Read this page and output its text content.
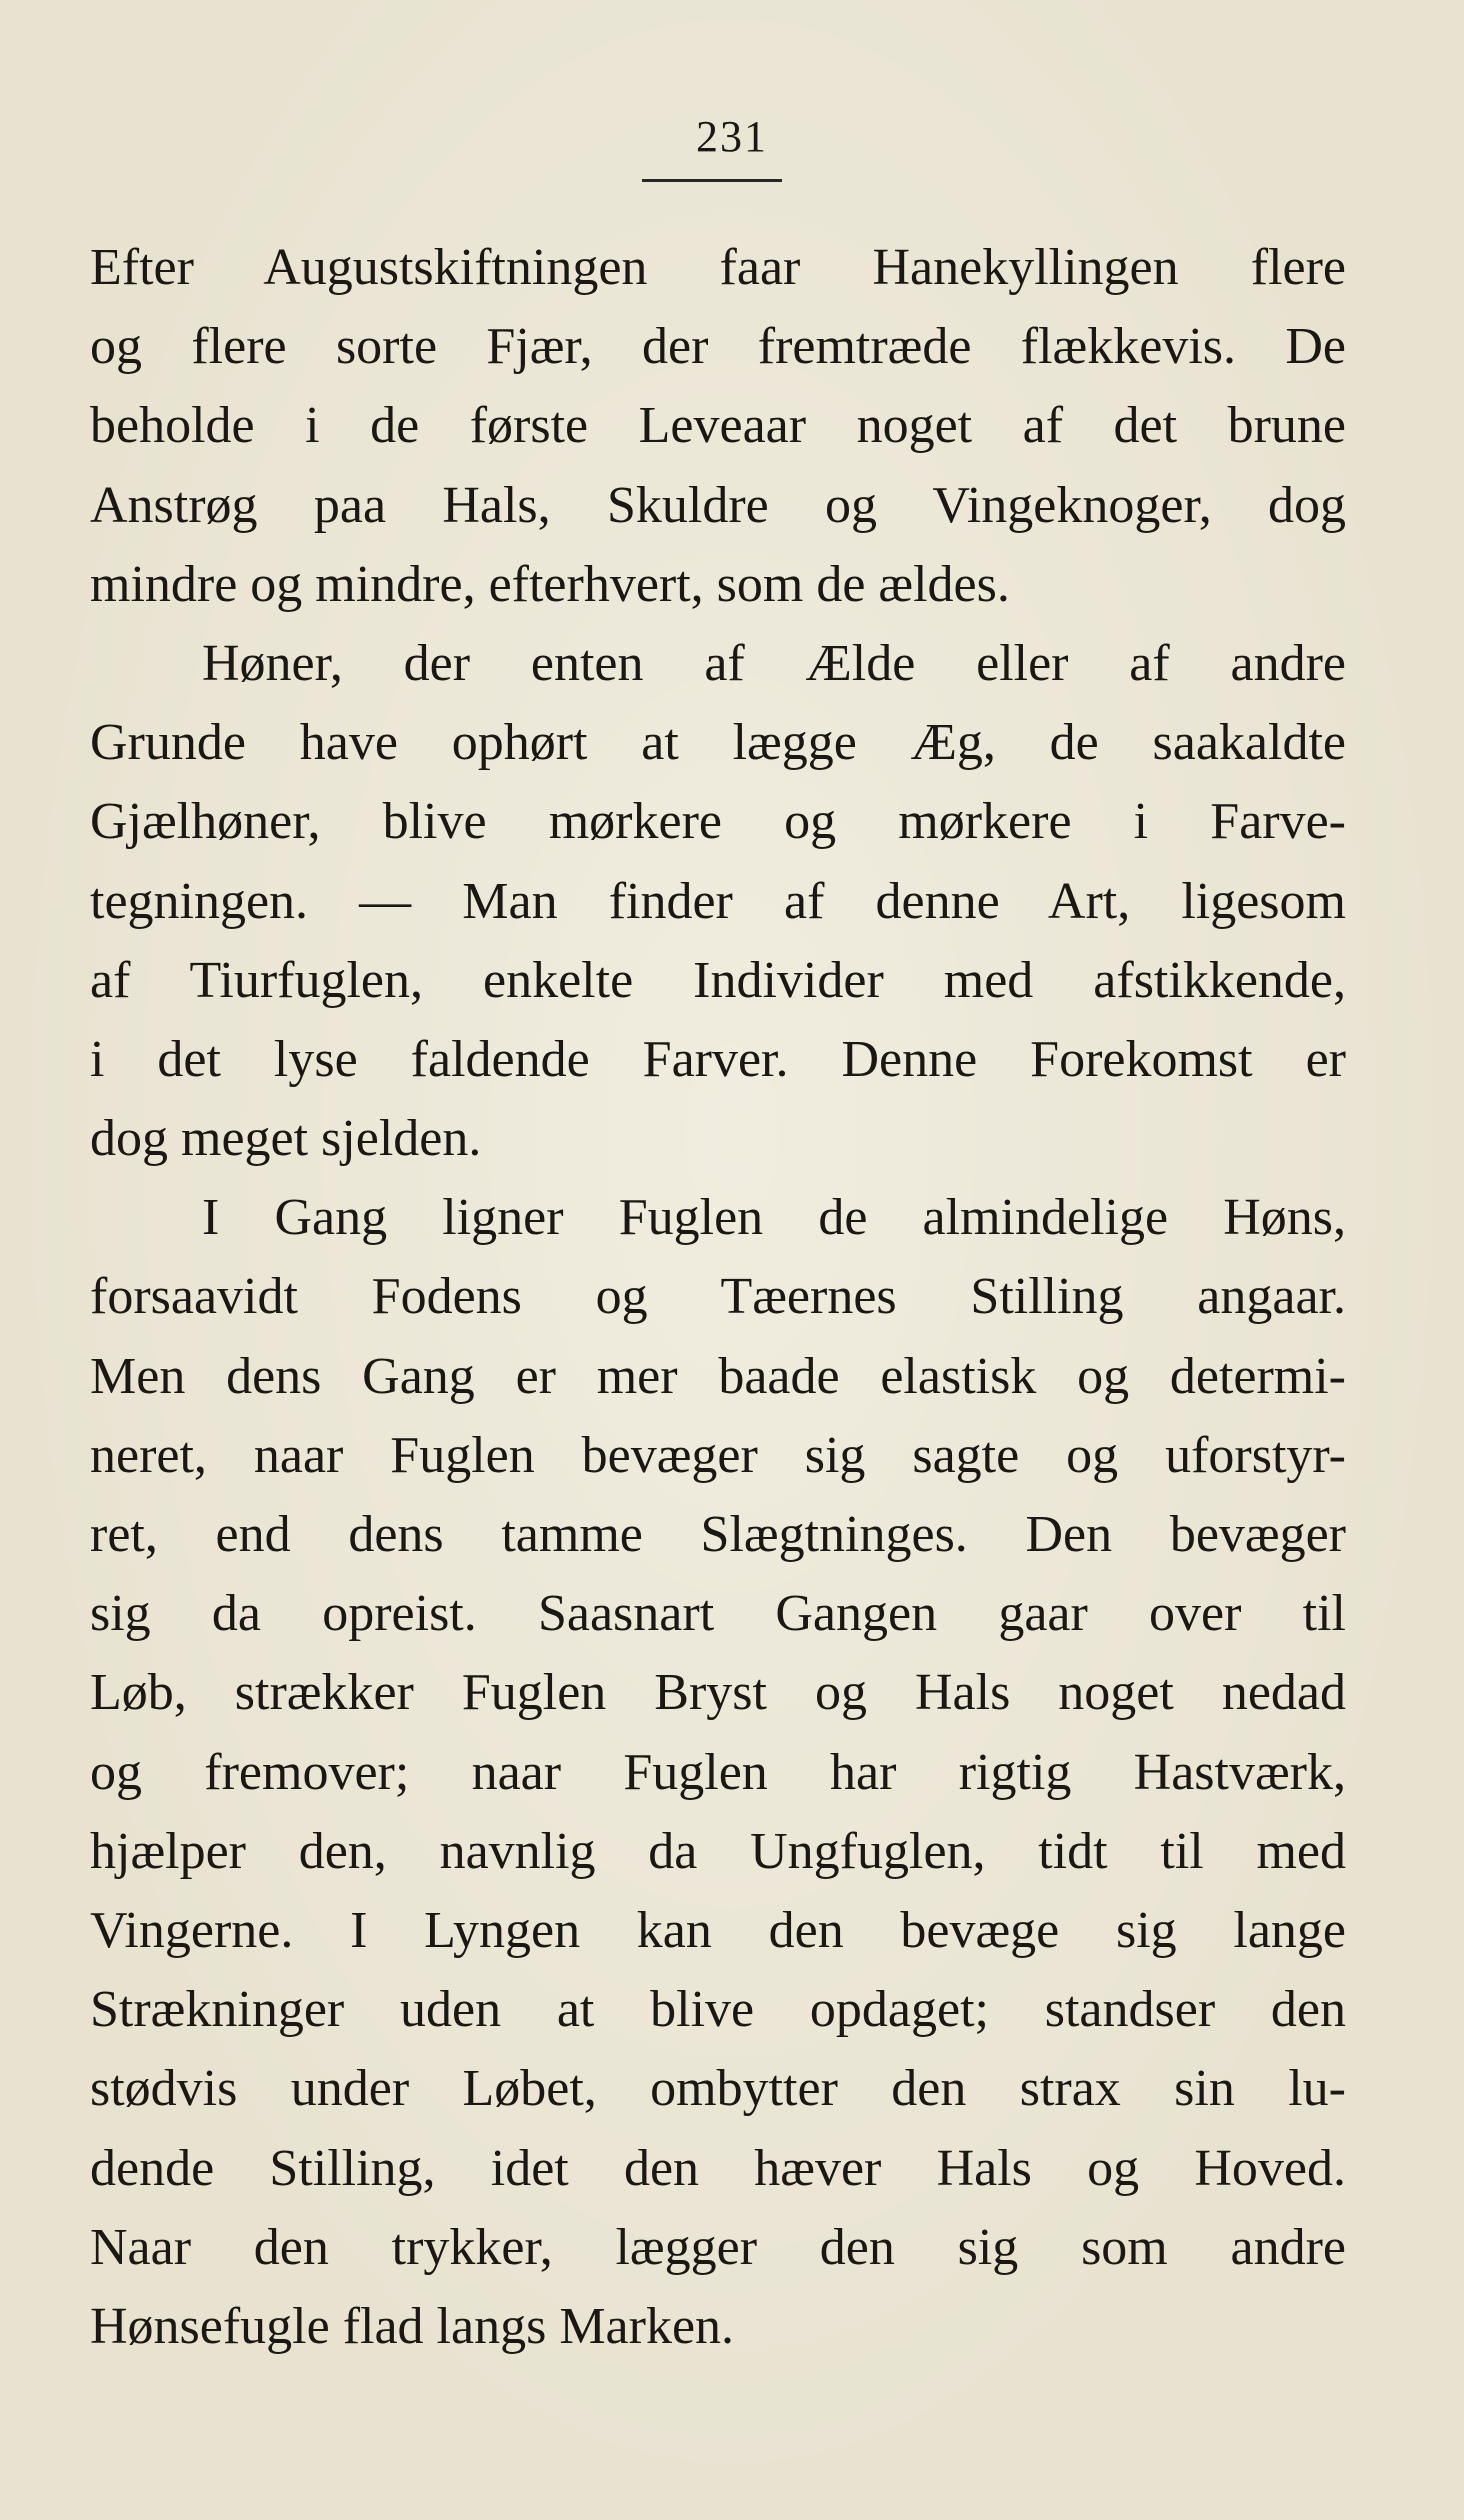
231
Efter Augustskiftningen faar Hanekyllingen flere
og flere sorte Fjær, der fremtræde flækkevis. De
beholde i de første Leveaar noget af det brune
Anstrøg paa Hals, Skuldre og Vingeknoger, dog
mindre og mindre, efterhvert, som de ældes.
Høner, der enten af Ælde eller af andre
Grunde have ophørt at lægge Æg, de saakaldte
Gjælhøner, blive mørkere og mørkere i Farve-
tegningen. — Man finder af denne Art, ligesom
af Tiurfuglen, enkelte Individer med afstikkende,
i det lyse faldende Farver. Denne Forekomst er
dog meget sjelden.
I Gang ligner Fuglen de almindelige Høns,
forsaavidt Fodens og Tæernes Stilling angaar.
Men dens Gang er mer baade elastisk og determi-
neret, naar Fuglen bevæger sig sagte og uforstyr-
ret, end dens tamme Slægtninges. Den bevæger
sig da opreist. Saasnart Gangen gaar over til
Løb, strækker Fuglen Bryst og Hals noget nedad
og fremover; naar Fuglen har rigtig Hastværk,
hjælper den, navnlig da Ungfuglen, tidt til med
Vingerne. I Lyngen kan den bevæge sig lange
Strækninger uden at blive opdaget; standser den
stødvis under Løbet, ombytter den strax sin lu-
dende Stilling, idet den hæver Hals og Hoved.
Naar den trykker, lægger den sig som andre
Hønsefugle flad langs Marken.
